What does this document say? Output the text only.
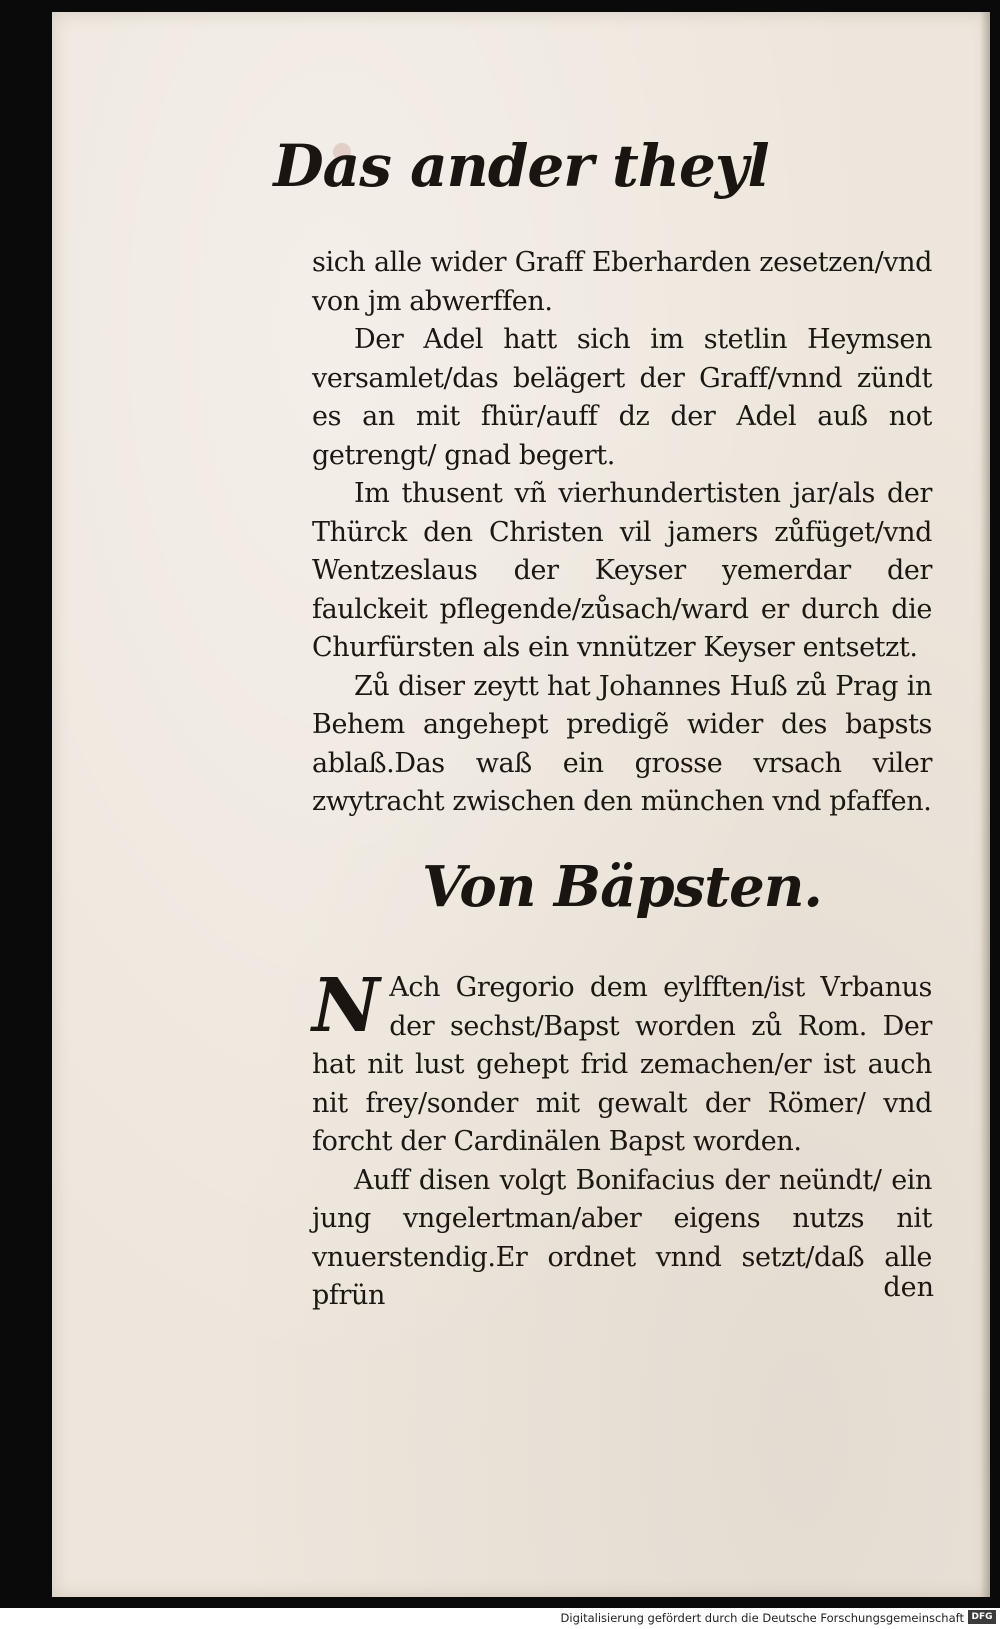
Das ander theyl

sich alle wider Graff Eberharden zesetzen/vnd von jm abwerffen.

Der Adel hatt sich im stetlin Heymsen versamlet/das belägert der Graff/vnnd zündt es an mit fhür/auff dz der Adel auß not getrengt/ gnad begert.

Im thusent vñ vierhundertisten jar/als der Thürck den Christen vil jamers zůfüget/vnd Wentzeslaus der Keyser yemerdar der faulckeit pflegende/zůsach/ward er durch die Churfürsten als ein vnnützer Keyser entsetzt.

Zů diser zeytt hat Johannes Huß zů Prag in Behem angehept predigẽ wider des bapsts ablaß.Das waß ein grosse vrsach viler zwytracht zwischen den münchen vnd pfaffen.

Von Bäpsten.

N Ach Gregorio dem eylfften/ist Vrbanus der sechst/Bapst worden zů Rom. Der hat nit lust gehept frid zemachen/er ist auch nit frey/sonder mit gewalt der Römer/ vnd forcht der Cardinälen Bapst worden.

Auff disen volgt Bonifacius der neündt/ ein jung vngelertman/aber eigens nutzs nit vnuerstendig.Er ordnet vnnd setzt/daß alle pfrün	den
Digitalisierung gefördert durch die Deutsche Forschungsgemeinschaft DFG
